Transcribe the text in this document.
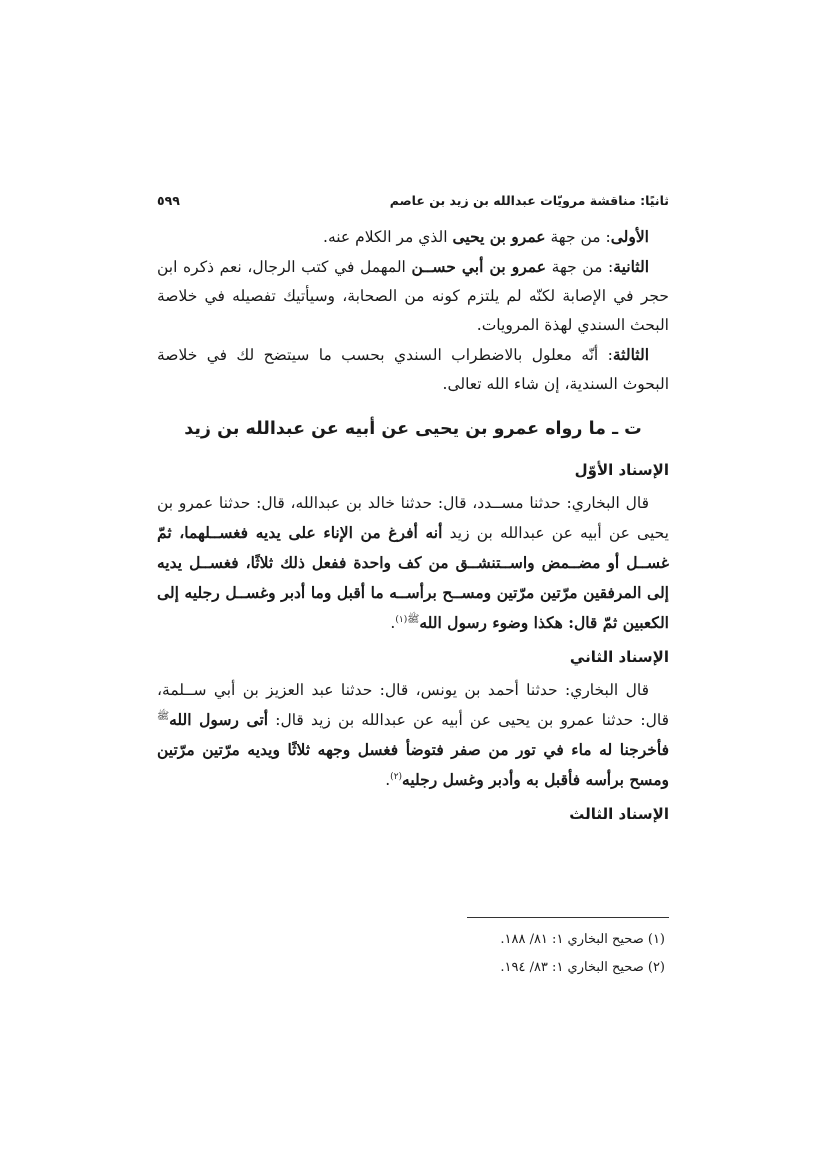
ثانيًا: مناقشة مرويّات عبدالله بن زيد بن عاصم
٥٩٩

الأولى: من جهة عمرو بن يحيى الذي مر الكلام عنه.

الثانية: من جهة عمرو بن أبي حســن المهمل في كتب الرجال، نعم ذكره ابن حجر في الإصابة لكنّه لم يلتزم كونه من الصحابة، وسيأتيك تفصيله في خلاصة البحث السندي لهذة المرويات.

الثالثة: أنّه معلول بالاضطراب السندي بحسب ما سيتضح لك في خلاصة البحوث السندية، إن شاء الله تعالى.

ت ـ ما رواه عمرو بن يحيى عن أبيه عن عبدالله بن زيد

الإسناد الأوّل

قال البخاري: حدثنا مســدد، قال: حدثنا خالد بن عبدالله، قال: حدثنا عمرو بن يحيى عن أبيه عن عبدالله بن زيد أنه أفرغ من الإناء على يديه فغســلهما، ثمّ غســل أو مضــمض واســتنشــق من كف واحدة ففعل ذلك ثلاثًا، فغســل يديه إلى المرفقين مرّتين مرّتين ومســح برأســه ما أقبل وما أدبر وغســل رجليه إلى الكعبين ثمّ قال: هكذا وضوء رسول الله$^{ﷺ(١)}$.

الإسناد الثاني

قال البخاري: حدثنا أحمد بن يونس، قال: حدثنا عبد العزيز بن أبي ســلمة، قال: حدثنا عمرو بن يحيى عن أبيه عن عبدالله بن زيد قال: أتى رسول الله$^ﷺ$ فأخرجنا له ماء في تور من صفر فتوضأ فغسل وجهه ثلاثًا ويديه مرّتين مرّتين ومسح برأسه فأقبل به وأدبر وغسل رجليه$^{(٢)}$.

الإسناد الثالث

(١) صحيح البخاري ١: ٨١/ ١٨٨.

(٢) صحيح البخاري ١: ٨٣/ ١٩٤.
